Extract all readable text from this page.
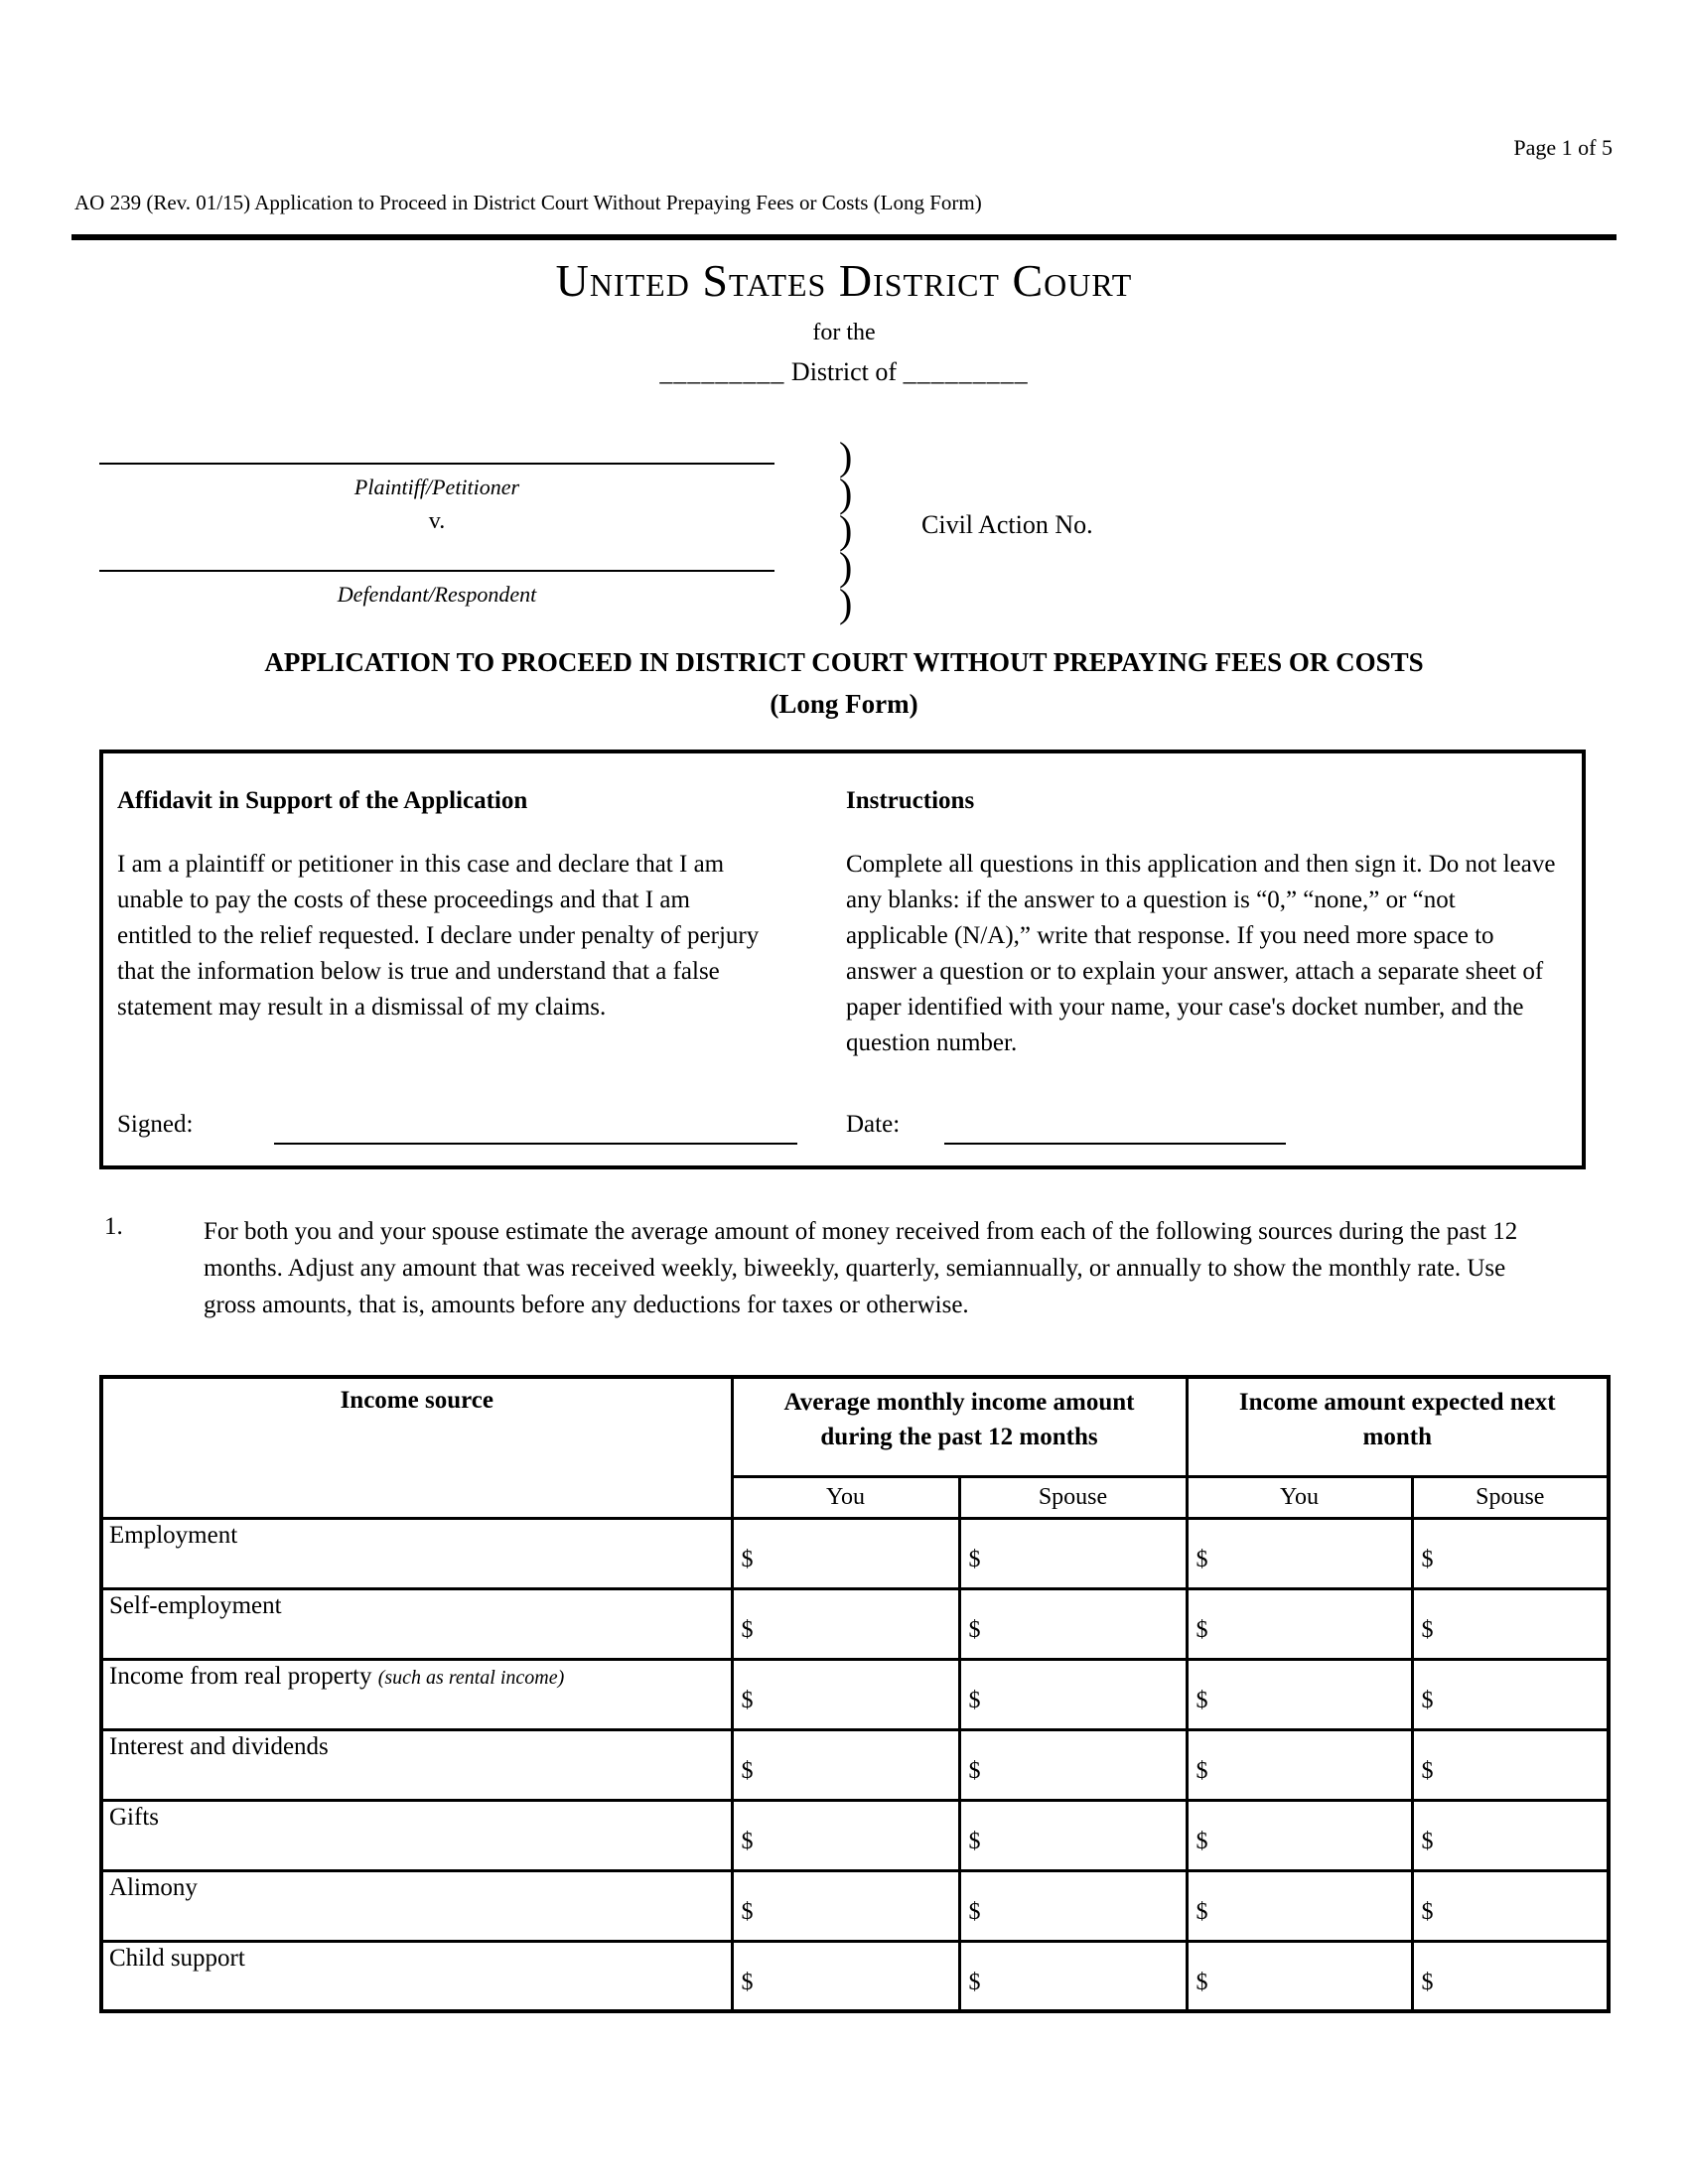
Page 1 of 5
AO 239 (Rev. 01/15) Application to Proceed in District Court Without Prepaying Fees or Costs (Long Form)
United States District Court
for the
_________ District of _________
Plaintiff/Petitioner
v.
Defendant/Respondent
)
)
)
)
)
Civil Action No.
APPLICATION TO PROCEED IN DISTRICT COURT WITHOUT PREPAYING FEES OR COSTS
(Long Form)
Affidavit in Support of the Application
I am a plaintiff or petitioner in this case and declare that I am unable to pay the costs of these proceedings and that I am entitled to the relief requested. I declare under penalty of perjury that the information below is true and understand that a false statement may result in a dismissal of my claims.
Signed:
Instructions
Complete all questions in this application and then sign it. Do not leave any blanks: if the answer to a question is “0,” “none,” or “not applicable (N/A),” write that response. If you need more space to answer a question or to explain your answer, attach a separate sheet of paper identified with your name, your case's docket number, and the question number.
Date:
1.	For both you and your spouse estimate the average amount of money received from each of the following sources during the past 12 months. Adjust any amount that was received weekly, biweekly, quarterly, semiannually, or annually to show the monthly rate. Use gross amounts, that is, amounts before any deductions for taxes or otherwise.
Income source	Average monthly income amount during the past 12 months		Income amount expected next month	
	You	Spouse	You	Spouse
Employment	$	$	$	$
Self-employment	$	$	$	$
Income from real property (such as rental income)	$	$	$	$
Interest and dividends	$	$	$	$
Gifts	$	$	$	$
Alimony	$	$	$	$
Child support	$	$	$	$
